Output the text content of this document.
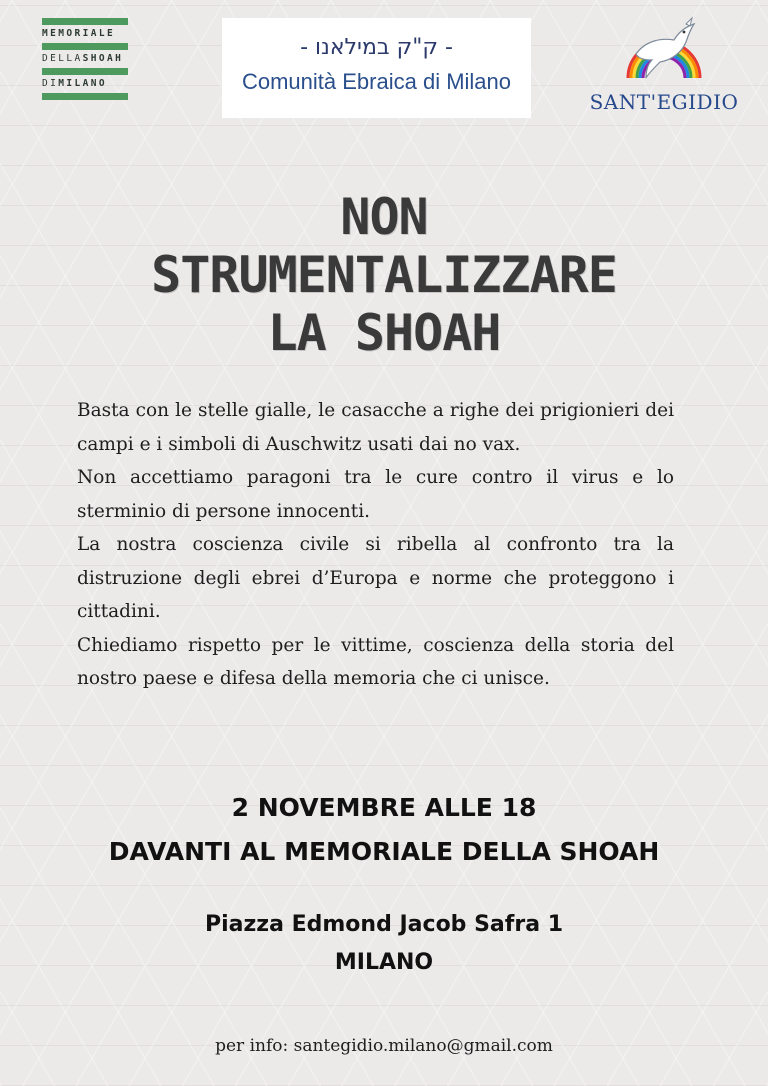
MEMORIALE
DELLASHOAH
DIMILANO
- ק"ק במילאנו -
Comunità Ebraica di Milano
SANT'EGIDIO
NON
STRUMENTALIZZARE
LA SHOAH

Basta con le stelle gialle, le casacche a righe dei prigionieri dei campi e i simboli di Auschwitz usati dai no vax.

Non accettiamo paragoni tra le cure contro il virus e lo sterminio di persone innocenti.

La nostra coscienza civile si ribella al confronto tra la distruzione degli ebrei d’Europa e norme che proteggono i cittadini.

Chiediamo rispetto per le vittime, coscienza della storia del nostro paese e difesa della memoria che ci unisce.

2 NOVEMBRE ALLE 18
DAVANTI AL MEMORIALE DELLA SHOAH
Piazza Edmond Jacob Safra 1
MILANO
per info: santegidio.milano@gmail.com
